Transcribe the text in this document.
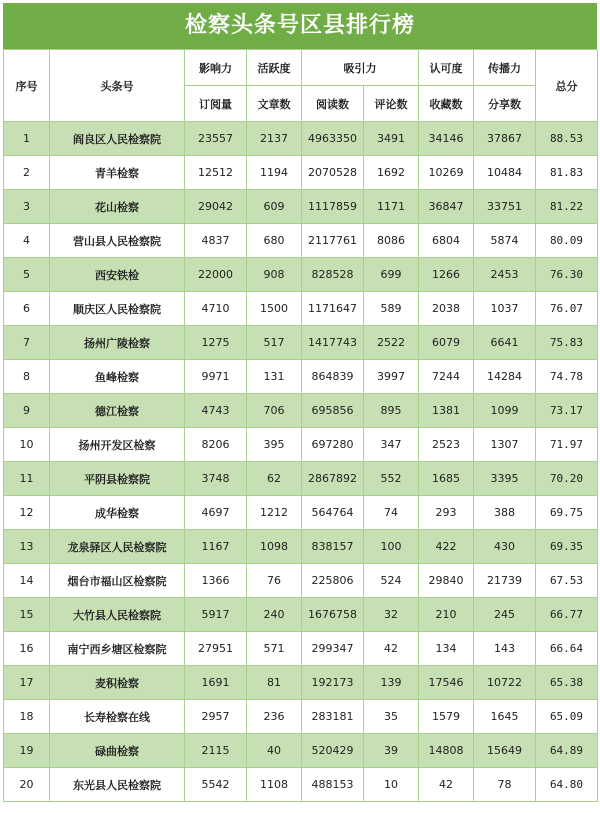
检察头条号区县排行榜
序号	头条号	影响力	活跃度	吸引力		认可度	传播力	总分
		订阅量	文章数	阅读数	评论数	收藏数	分享数	
1	阎良区人民检察院	23557	2137	4963350	3491	34146	37867	88.53
2	青羊检察	12512	1194	2070528	1692	10269	10484	81.83
3	花山检察	29042	609	1117859	1171	36847	33751	81.22
4	营山县人民检察院	4837	680	2117761	8086	6804	5874	80.09
5	西安铁检	22000	908	828528	699	1266	2453	76.30
6	顺庆区人民检察院	4710	1500	1171647	589	2038	1037	76.07
7	扬州广陵检察	1275	517	1417743	2522	6079	6641	75.83
8	鱼峰检察	9971	131	864839	3997	7244	14284	74.78
9	德江检察	4743	706	695856	895	1381	1099	73.17
10	扬州开发区检察	8206	395	697280	347	2523	1307	71.97
11	平阴县检察院	3748	62	2867892	552	1685	3395	70.20
12	成华检察	4697	1212	564764	74	293	388	69.75
13	龙泉驿区人民检察院	1167	1098	838157	100	422	430	69.35
14	烟台市福山区检察院	1366	76	225806	524	29840	21739	67.53
15	大竹县人民检察院	5917	240	1676758	32	210	245	66.77
16	南宁西乡塘区检察院	27951	571	299347	42	134	143	66.64
17	麦积检察	1691	81	192173	139	17546	10722	65.38
18	长寿检察在线	2957	236	283181	35	1579	1645	65.09
19	碌曲检察	2115	40	520429	39	14808	15649	64.89
20	东光县人民检察院	5542	1108	488153	10	42	78	64.80
